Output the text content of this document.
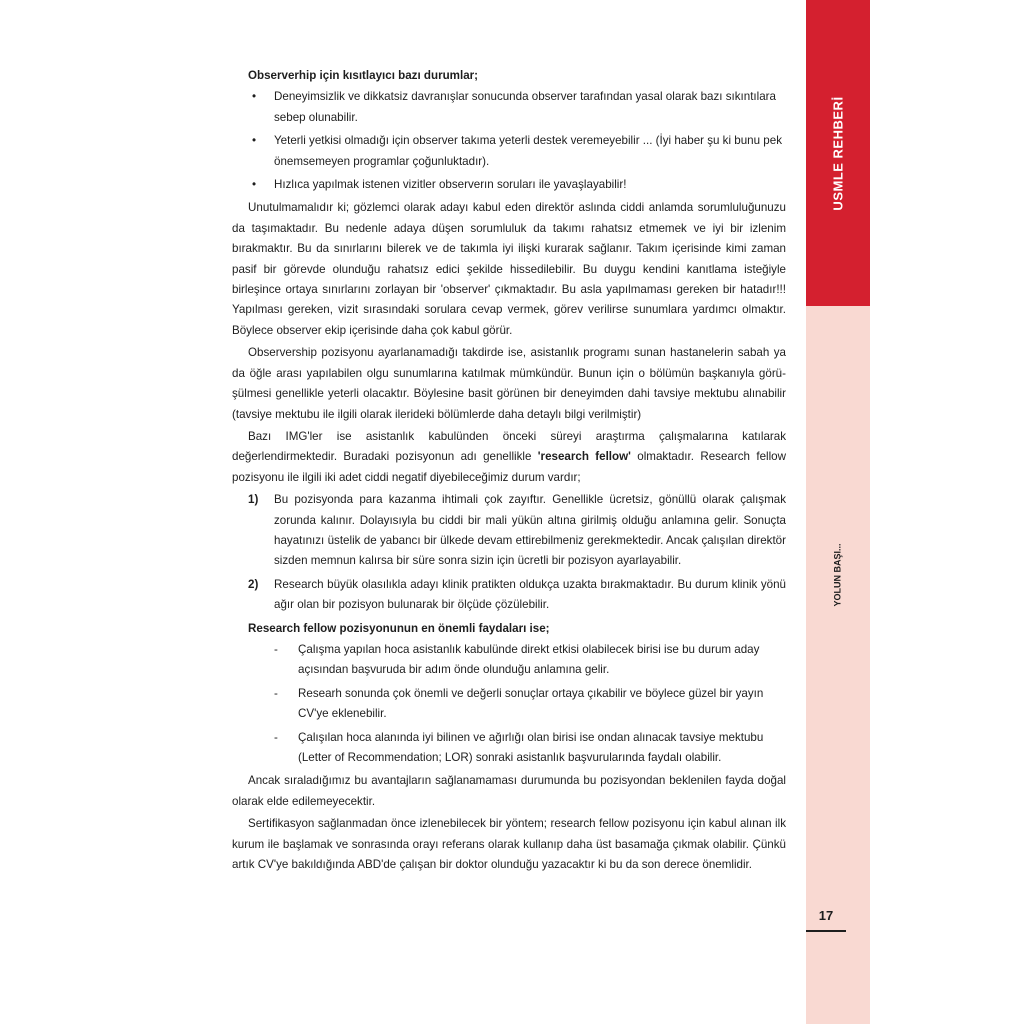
USMLE REHBERİ
YOLUN BAŞI...
17

Observerhip için kısıtlayıcı bazı durumlar;

• Deneyimsizlik ve dikkatsiz davranışlar sonucunda observer tarafından yasal olarak bazı sıkıntılara sebep olunabilir.
• Yeterli yetkisi olmadığı için observer takıma yeterli destek veremeyebilir ... (İyi haber şu ki bunu pek önemsemeyen programlar çoğunluktadır).
• Hızlıca yapılmak istenen vizitler observerın soruları ile yavaşlayabilir!

Unutulmamalıdır ki; gözlemci olarak adayı kabul eden direktör aslında ciddi anlamda sorumluluğunuzu da taşımaktadır. Bu nedenle adaya düşen sorumluluk da takımı rahatsız etmemek ve iyi bir izlenim bırakmaktır. Bu da sınırlarını bilerek ve de takımla iyi ilişki kurarak sağlanır. Takım içerisinde kimi zaman pasif bir görevde olunduğu rahatsız edici şekilde hissedilebilir. Bu duygu kendini kanıtlama isteğiyle birleşince ortaya sınırlarını zorlayan bir 'observer' çıkmaktadır. Bu asla yapılmaması gereken bir hatadır!!! Yapılması gereken, vizit sırasındaki sorulara cevap vermek, görev verilirse sunumlara yardımcı olmaktır. Böylece observer ekip içerisinde daha çok kabul görür.

Observership pozisyonu ayarlanamadığı takdirde ise, asistanlık programı sunan hastanelerin sabah ya da öğle arası yapılabilen olgu sunumlarına katılmak mümkündür. Bunun için o bölümün başkanıyla görü- şülmesi genellikle yeterli olacaktır. Böylesine basit görünen bir deneyimden dahi tavsiye mektubu alınabilir (tavsiye mektubu ile ilgili olarak ilerideki bölümlerde daha detaylı bilgi verilmiştir)

Bazı IMG'ler ise asistanlık kabulünden önceki süreyi araştırma çalışmalarına katılarak değerlendirmektedir. Buradaki pozisyonun adı genellikle 'research fellow' olmaktadır. Research fellow pozisyonu ile ilgili iki adet ciddi negatif diyebileceğimiz durum vardır;

1) Bu pozisyonda para kazanma ihtimali çok zayıftır. Genellikle ücretsiz, gönüllü olarak çalışmak zorunda kalınır. Dolayısıyla bu ciddi bir mali yükün altına girilmiş olduğu anlamına gelir. Sonuçta hayatınızı üstelik de yabancı bir ülkede devam ettirebilmeniz gerekmektedir. Ancak çalışılan direktör sizden memnun kalırsa bir süre sonra sizin için ücretli bir pozisyon ayarlayabilir.
2) Research büyük olasılıkla adayı klinik pratikten oldukça uzakta bırakmaktadır. Bu durum klinik yönü ağır olan bir pozisyon bulunarak bir ölçüde çözülebilir.

Research fellow pozisyonunun en önemli faydaları ise;

- Çalışma yapılan hoca asistanlık kabulünde direkt etkisi olabilecek birisi ise bu durum aday açısından başvuruda bir adım önde olunduğu anlamına gelir.
- Researh sonunda çok önemli ve değerli sonuçlar ortaya çıkabilir ve böylece güzel bir yayın CV'ye eklenebilir.
- Çalışılan hoca alanında iyi bilinen ve ağırlığı olan birisi ise ondan alınacak tavsiye mektubu (Letter of Recommendation; LOR) sonraki asistanlık başvurularında faydalı olabilir.

Ancak sıraladığımız bu avantajların sağlanamaması durumunda bu pozisyondan beklenilen fayda doğal olarak elde edilemeyecektir.

Sertifikasyon sağlanmadan önce izlenebilecek bir yöntem; research fellow pozisyonu için kabul alınan ilk kurum ile başlamak ve sonrasında orayı referans olarak kullanıp daha üst basamağa çıkmak olabilir. Çünkü artık CV'ye bakıldığında ABD'de çalışan bir doktor olunduğu yazacaktır ki bu da son derece önemlidir.
